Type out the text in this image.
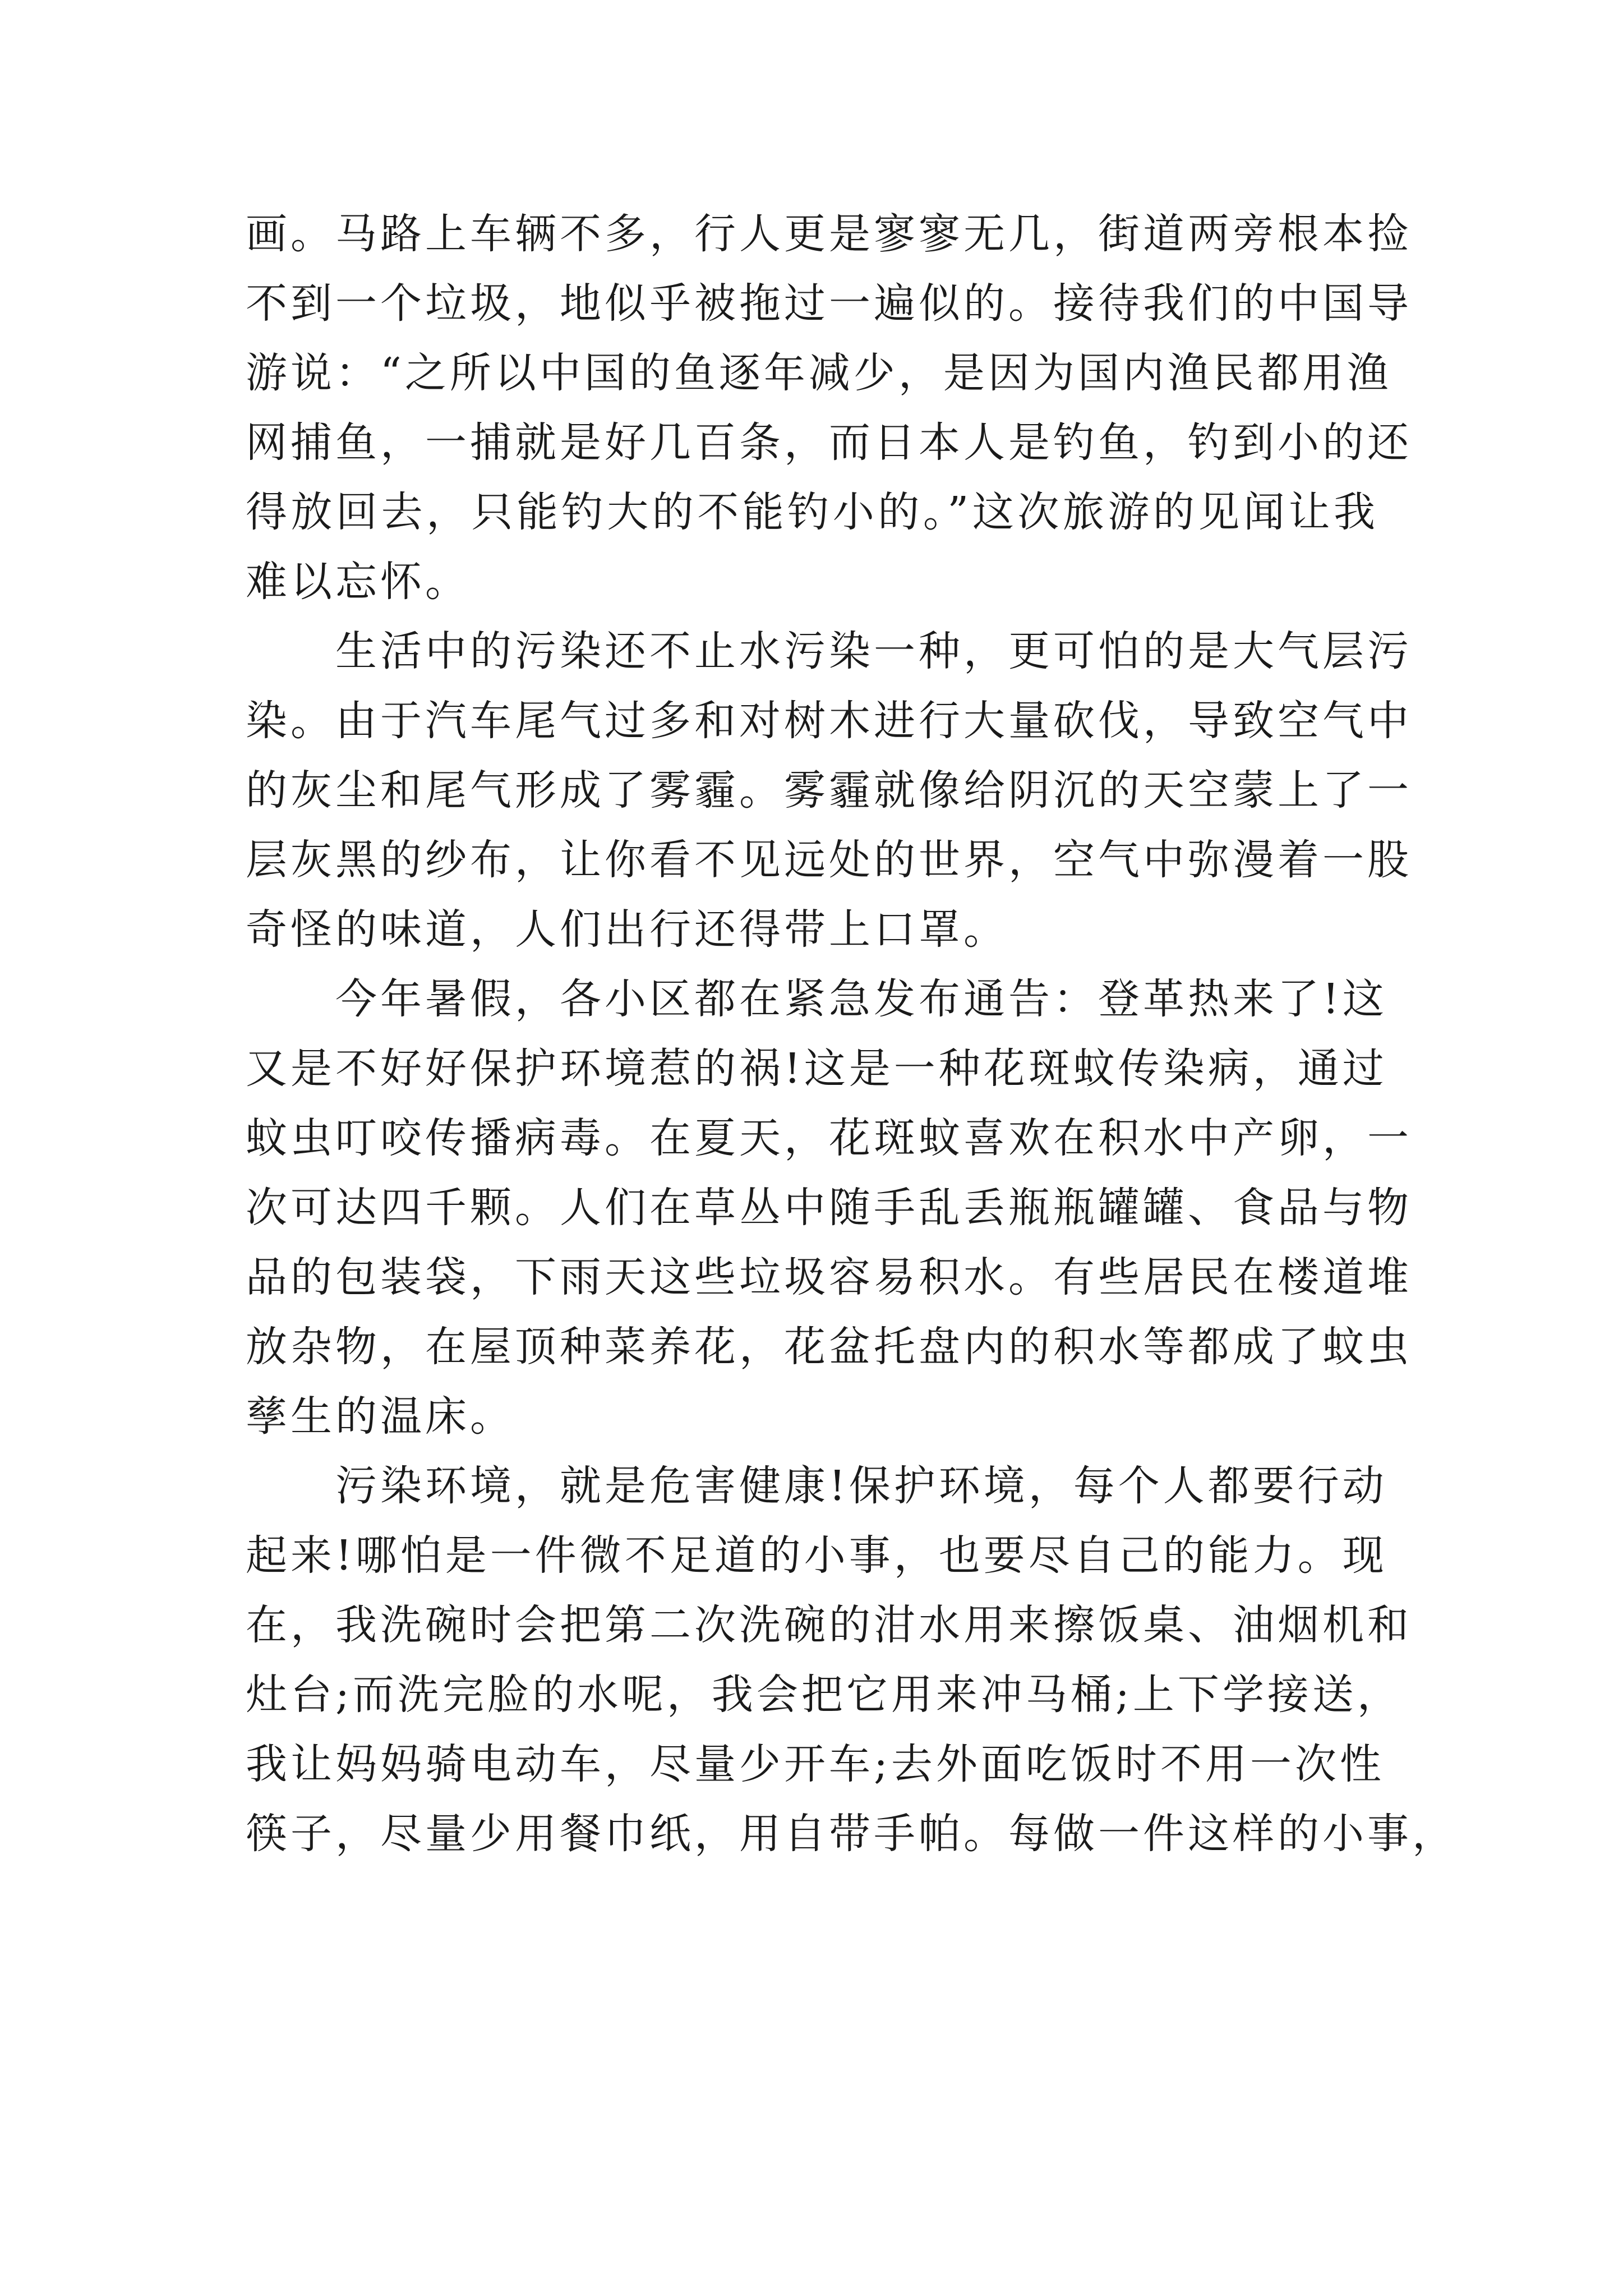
画。马路上车辆不多，行人更是寥寥无几，街道两旁根本捡
不到一个垃圾，地似乎被拖过一遍似的。接待我们的中国导
游说：“之所以中国的鱼逐年减少，是因为国内渔民都用渔
网捕鱼，一捕就是好几百条，而日本人是钓鱼，钓到小的还
得放回去，只能钓大的不能钓小的。”这次旅游的见闻让我
难以忘怀。
生活中的污染还不止水污染一种，更可怕的是大气层污
染。由于汽车尾气过多和对树木进行大量砍伐，导致空气中
的灰尘和尾气形成了雾霾。雾霾就像给阴沉的天空蒙上了一
层灰黑的纱布，让你看不见远处的世界，空气中弥漫着一股
奇怪的味道，人们出行还得带上口罩。
今年暑假，各小区都在紧急发布通告：登革热来了!这
又是不好好保护环境惹的祸!这是一种花斑蚊传染病，通过
蚊虫叮咬传播病毒。在夏天，花斑蚊喜欢在积水中产卵，一
次可达四千颗。人们在草丛中随手乱丢瓶瓶罐罐、食品与物
品的包装袋，下雨天这些垃圾容易积水。有些居民在楼道堆
放杂物，在屋顶种菜养花，花盆托盘内的积水等都成了蚊虫
孳生的温床。
污染环境，就是危害健康!保护环境，每个人都要行动
起来!哪怕是一件微不足道的小事，也要尽自己的能力。现
在，我洗碗时会把第二次洗碗的泔水用来擦饭桌、油烟机和
灶台;而洗完脸的水呢，我会把它用来冲马桶;上下学接送，
我让妈妈骑电动车，尽量少开车;去外面吃饭时不用一次性
筷子，尽量少用餐巾纸，用自带手帕。每做一件这样的小事，
